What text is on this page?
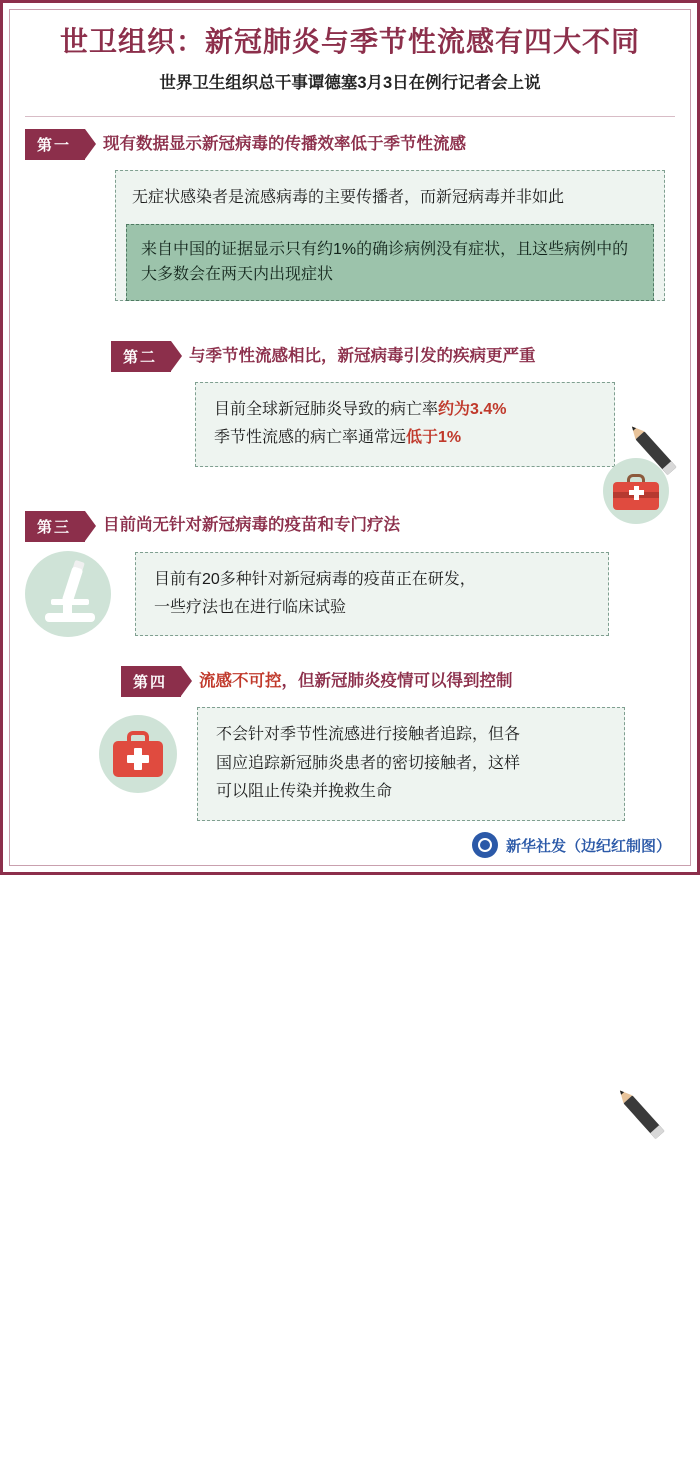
世卫组织：新冠肺炎与季节性流感有四大不同
世界卫生组织总干事谭德塞3月3日在例行记者会上说
第一	现有数据显示新冠病毒的传播效率低于季节性流感
无症状感染者是流感病毒的主要传播者，而新冠病毒并非如此
来自中国的证据显示只有约1%的确诊病例没有症状，且这些病例中的大多数会在两天内出现症状
第二	与季节性流感相比，新冠病毒引发的疾病更严重

目前全球新冠肺炎导致的病亡率约为3.4%

季节性流感的病亡率通常远低于1%

第三	目前尚无针对新冠病毒的疫苗和专门疗法

目前有20多种针对新冠病毒的疫苗正在研发，

一些疗法也在进行临床试验

第四	流感不可控，但新冠肺炎疫情可以得到控制

不会针对季节性流感进行接触者追踪，但各

国应追踪新冠肺炎患者的密切接触者，这样

可以阻止传染并挽救生命

新华社发（边纪红制图）
